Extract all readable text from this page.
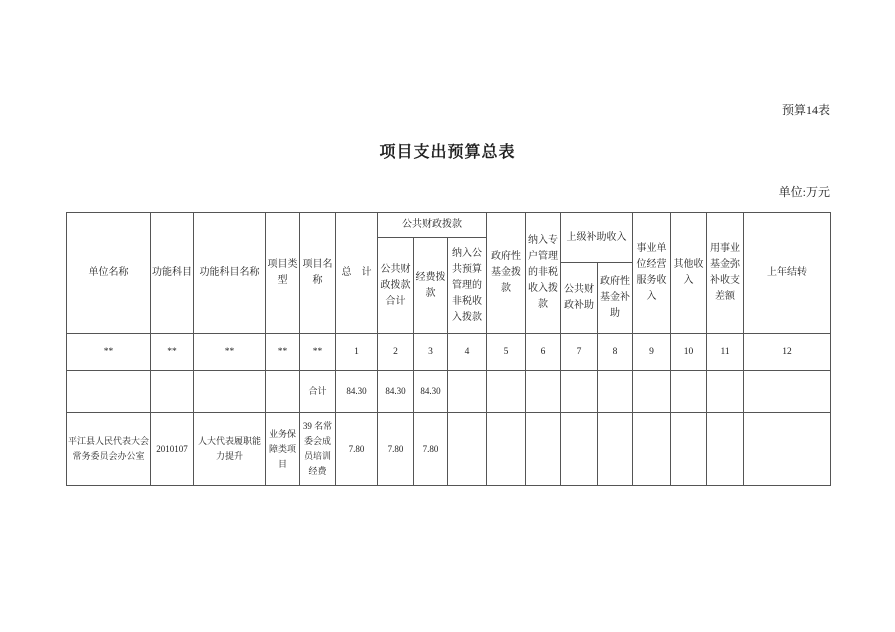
预算14表
项目支出预算总表
单位:万元
单位名称	功能科目	功能科目名称	项目类型	项目名称	总　计	公共财政拨款			政府性基金拨款	纳入专户管理的非税收入拨款	上级补助收入		事业单位经营服务收入	其他收入	用事业基金弥补收支差额	上年结转
						公共财政拨款合计	经费拨款	纳入公共预算管理的非税收入拨款								
											公共财政补助	政府性基金补助				
**	**	**	**	**	1	2	3	4	5	6	7	8	9	10	11	12
				合计	84.30	84.30	84.30									
平江县人民代表大会常务委员会办公室	2010107	人大代表履职能力提升	业务保障类项目	39 名常委会成员培训经费	7.80	7.80	7.80									
